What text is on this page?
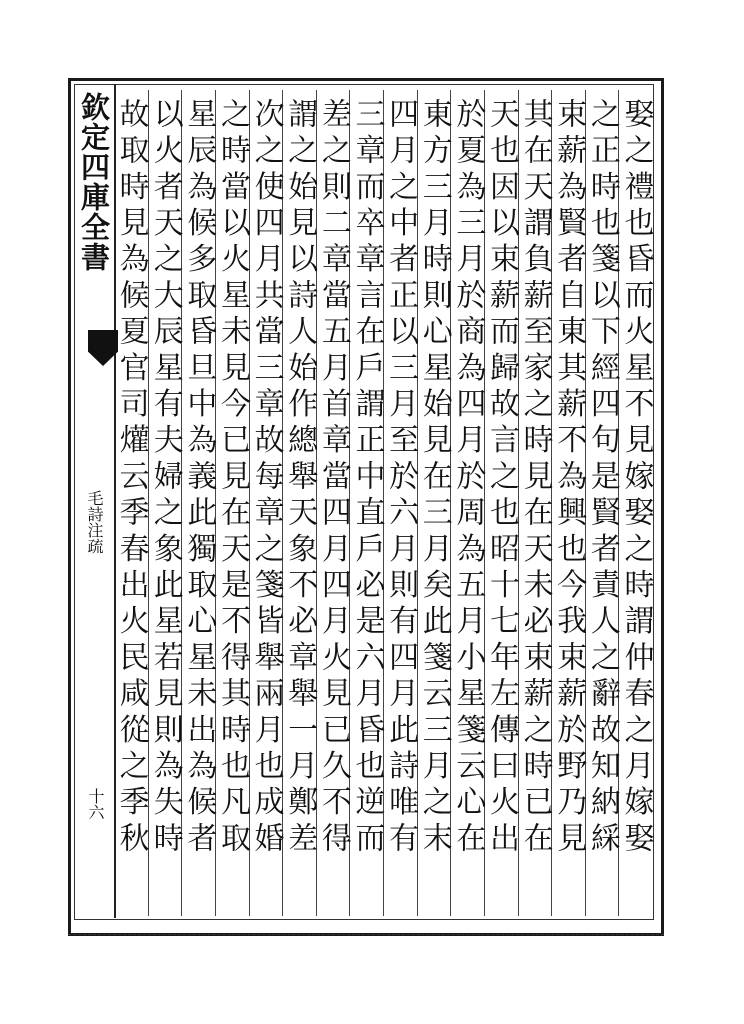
欽定四庫全書
毛詩注疏
十六	娶之禮也昏而火星不見嫁娶之時謂仲春之月嫁娶
之正時也箋以下經四句是賢者責人之辭故知納綵
束薪為賢者自東其薪不為興也今我束薪於野乃見
其在天謂負薪至家之時見在天未必束薪之時已在
天也因以束薪而歸故言之也昭十七年左傳曰火出
於夏為三月於商為四月於周為五月小星箋云心在
東方三月時則心星始見在三月矣此箋云三月之末
四月之中者正以三月至於六月則有四月此詩唯有
三章而卒章言在戶謂正中直戶必是六月昏也逆而
差之則二章當五月首章當四月四月火見已久不得
謂之始見以詩人始作總舉天象不必章舉一月鄭差
次之使四月共當三章故每章之箋皆舉兩月也成婚
之時當以火星未見今已見在天是不得其時也凡取
星辰為候多取昏旦中為義此獨取心星未出為候者
以火者天之大辰星有夫婦之象此星若見則為失時
故取時見為候夏官司爟云季春出火民咸從之季秋
